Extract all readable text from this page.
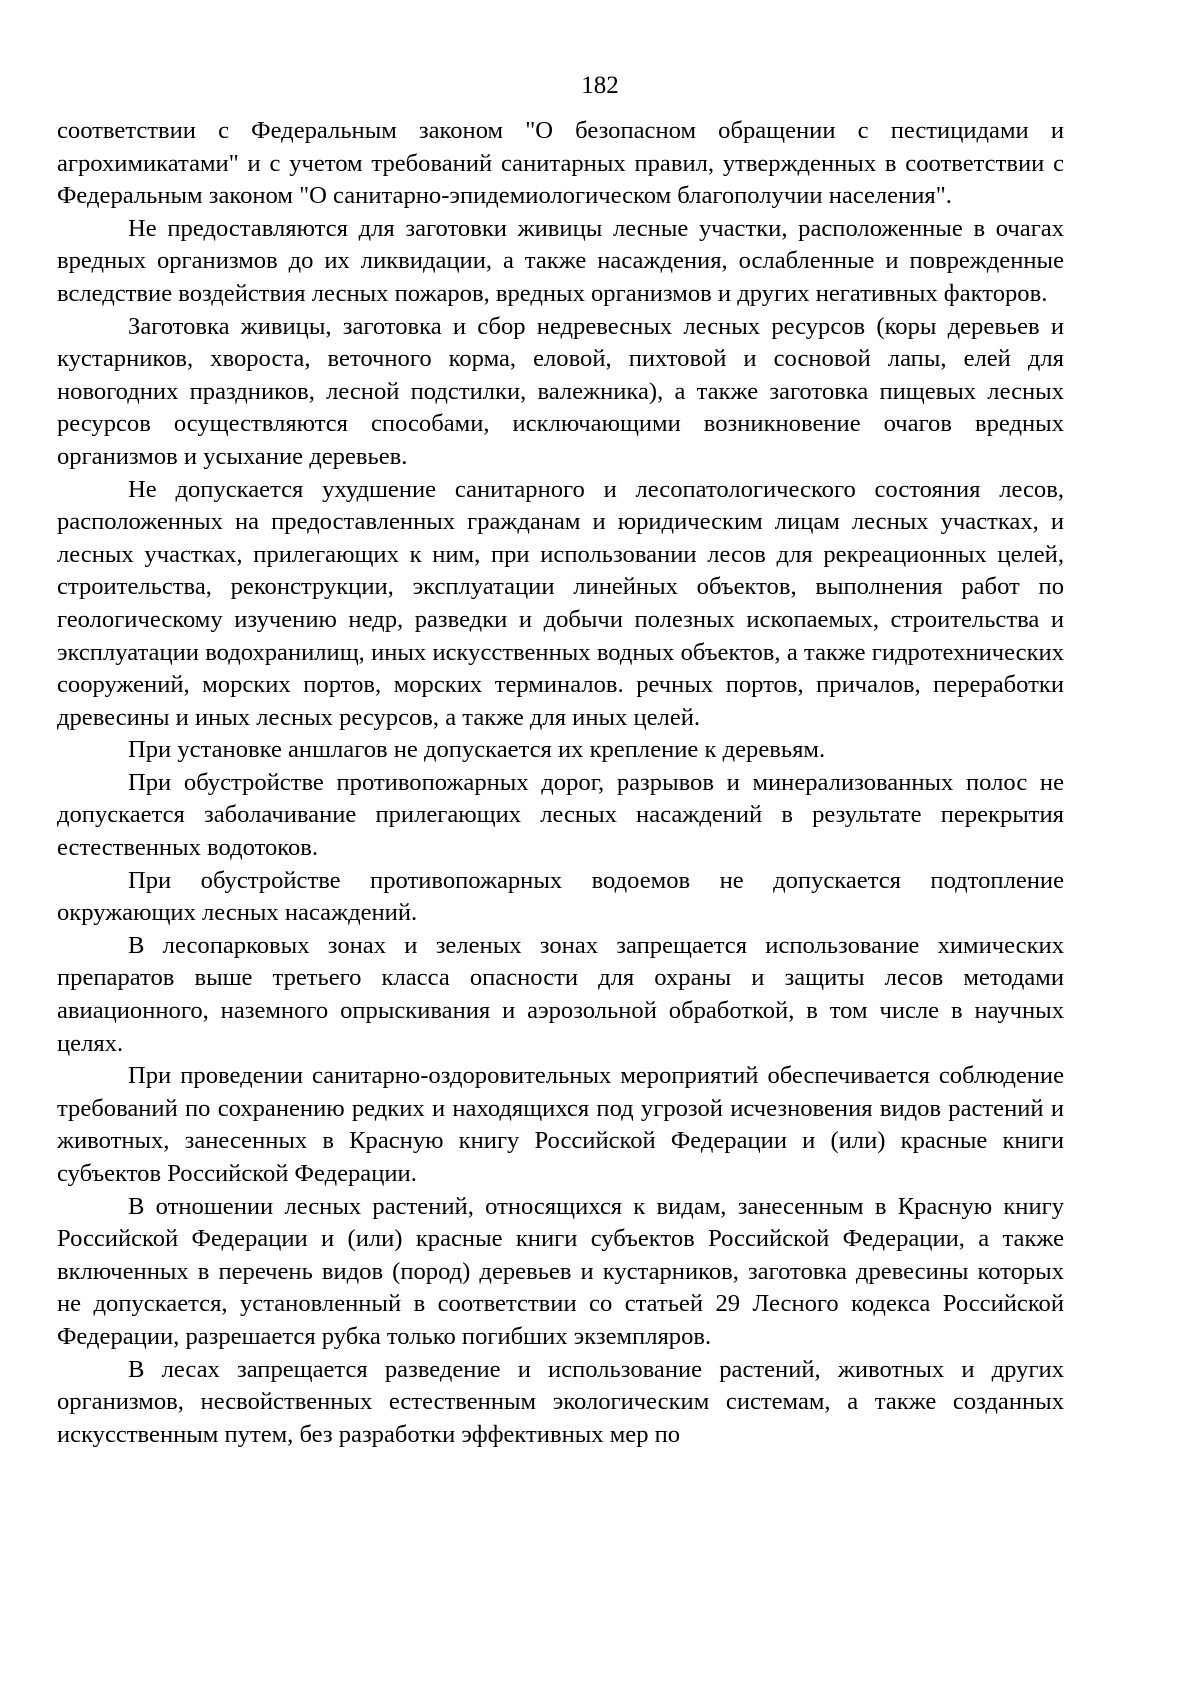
182

соответствии с Федеральным законом "О безопасном обращении с пестицидами и агрохимикатами" и с учетом требований санитарных правил, утвержденных в соответствии с Федеральным законом "О санитарно-эпидемиологическом благополучии населения".

Не предоставляются для заготовки живицы лесные участки, расположенные в очагах вредных организмов до их ликвидации, а также насаждения, ослабленные и поврежденные вследствие воздействия лесных пожаров, вредных организмов и других негативных факторов.

Заготовка живицы, заготовка и сбор недревесных лесных ресурсов (коры деревьев и кустарников, хвороста, веточного корма, еловой, пихтовой и сосновой лапы, елей для новогодних праздников, лесной подстилки, валежника), а также заготовка пищевых лесных ресурсов осуществляются способами, исключающими возникновение очагов вредных организмов и усыхание деревьев.

Не допускается ухудшение санитарного и лесопатологического состояния лесов, расположенных на предоставленных гражданам и юридическим лицам лесных участках, и лесных участках, прилегающих к ним, при использовании лесов для рекреационных целей, строительства, реконструкции, эксплуатации линейных объектов, выполнения работ по геологическому изучению недр, разведки и добычи полезных ископаемых, строительства и эксплуатации водохранилищ, иных искусственных водных объектов, а также гидротехнических сооружений, морских портов, морских терминалов. речных портов, причалов, переработки древесины и иных лесных ресурсов, а также для иных целей.

При установке аншлагов не допускается их крепление к деревьям.

При обустройстве противопожарных дорог, разрывов и минерализованных полос не допускается заболачивание прилегающих лесных насаждений в результате перекрытия естественных водотоков.

При обустройстве противопожарных водоемов не допускается подтопление окружающих лесных насаждений.

В лесопарковых зонах и зеленых зонах запрещается использование химических препаратов выше третьего класса опасности для охраны и защиты лесов методами авиационного, наземного опрыскивания и аэрозольной обработкой, в том числе в научных целях.

При проведении санитарно-оздоровительных мероприятий обеспечивается соблюдение требований по сохранению редких и находящихся под угрозой исчезновения видов растений и животных, занесенных в Красную книгу Российской Федерации и (или) красные книги субъектов Российской Федерации.

В отношении лесных растений, относящихся к видам, занесенным в Красную книгу Российской Федерации и (или) красные книги субъектов Российской Федерации, а также включенных в перечень видов (пород) деревьев и кустарников, заготовка древесины которых не допускается, установленный в соответствии со статьей 29 Лесного кодекса Российской Федерации, разрешается рубка только погибших экземпляров.

В лесах запрещается разведение и использование растений, животных и других организмов, несвойственных естественным экологическим системам, а также созданных искусственным путем, без разработки эффективных мер по
